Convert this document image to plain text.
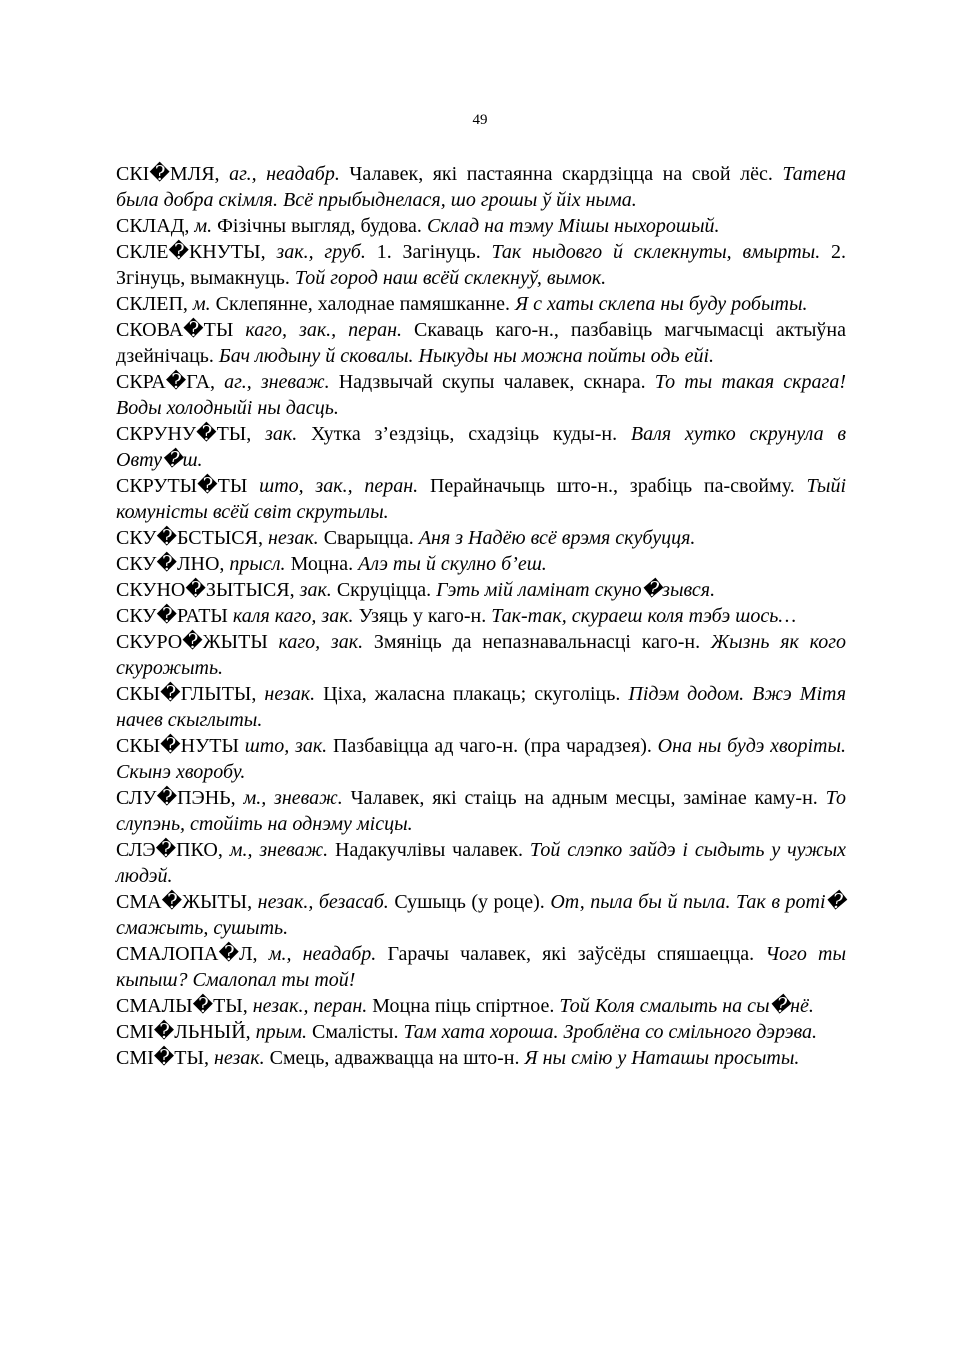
49

СКІ�МЛЯ, аг., неадабр. Чалавек, які пастаянна скардзіцца на свой лёс. Татена была добра скімля. Всё прыбыднелася, шо грошы ў йіх ныма.

СКЛАД, м. Фізічны выгляд, будова. Склад на тэму Мішы ныхорошый.

СКЛЕ�КНУТЫ, зак., груб. 1. Загінуць. Так ныдовго й склекнуты, вмырты. 2. Згінуць, вымакнуць. Той город наш всёй склекнуў, вымок.

СКЛЕП, м. Склепянне, халоднае памяшканне. Я с хаты склепа ны буду робыты.

СКОВА�ТЫ каго, зак., перан. Скаваць каго-н., пазбавіць магчымасці актыўна дзейнічаць. Бач людыну й сковалы. Ныкуды ны можна пойты одь ейі.

СКРА�ГА, аг., зневаж. Надзвычай скупы чалавек, скнара. То ты такая скрага! Воды холодныйі ны дасць.

СКРУНУ�ТЫ, зак. Хутка з’ездзіць, схадзіць куды-н. Валя хутко скрунула в Овту�ш.

СКРУТЫ�ТЫ што, зак., перан. Перайначыць што-н., зрабіць па-свойму. Тыйі комуністы всёй світ скрутылы.

СКУ�БСТЫСЯ, незак. Сварыцца. Аня з Надёю всё врэмя скубуцця.

СКУ�ЛНО, прысл. Моцна. Алэ ты й скулно б’еш.

СКУНО�ЗЫТЫСЯ, зак. Скруціцца. Гэть мій ламінат скуно�зывся.

СКУ�РАТЫ каля каго, зак. Узяць у каго-н. Так-так, скураеш коля тэбэ шось…

СКУРО�ЖЫТЫ каго, зак. Змяніць да непазнавальнасці каго-н. Жызнь як кого скурожыть.

СКЫ�ГЛЫТЫ, незак. Ціха, жаласна плакаць; скуголіць. Підэм додом. Вжэ Мітя начев скыглыты.

СКЫ�НУТЫ што, зак. Пазбавіцца ад чаго-н. (пра чарадзея). Она ны будэ хворіты. Скынэ хворобу.

СЛУ�ПЭНЬ, м., зневаж. Чалавек, які стаіць на адным месцы, замінае каму-н. То слупэнь, стойіть на однэму місцы.

СЛЭ�ПКО, м., зневаж. Надакучлівы чалавек. Той слэпко зайдэ і сыдыть у чужых людэй.

СМА�ЖЫТЫ, незак., безасаб. Сушыць (у роце). От, пыла бы й пыла. Так в роті� смажыть, сушыть.

СМАЛОПА�Л, м., неадабр. Гарачы чалавек, які заўсёды спяшаецца. Чого ты кыпыш? Смалопал ты той!

СМАЛЫ�ТЫ, незак., перан. Моцна піць спіртное. Той Коля смалыть на сы�нё.

СМІ�ЛЬНЫЙ, прым. Смалісты. Там хата хороша. Зроблёна со смільного дэрэва.

СМІ�ТЫ, незак. Смець, адважвацца на што-н. Я ны смію у Наташы просыты.
